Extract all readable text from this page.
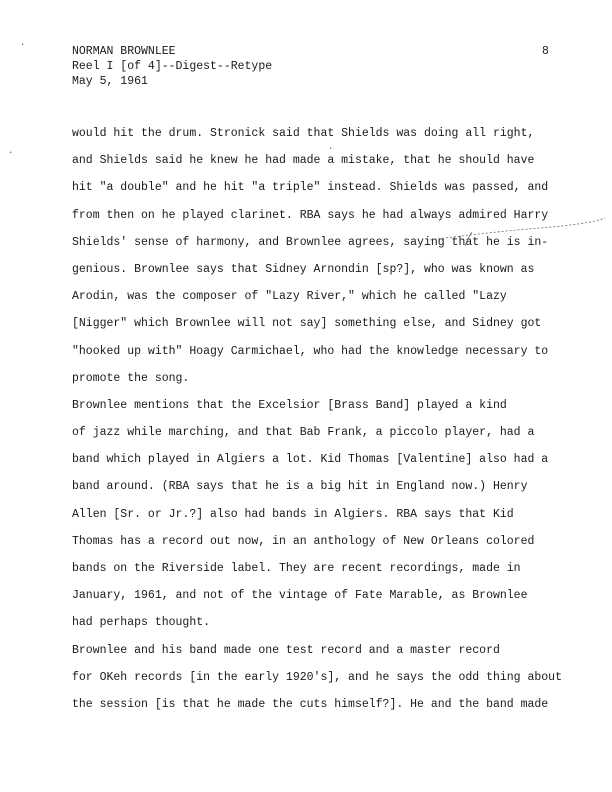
NORMAN BROWNLEE
Reel I [of 4]--Digest--Retype
May 5, 1961
8
would hit the drum. Stronick said that Shields was doing all right,
and Shields said he knew he had made a mistake, that he should have
hit "a double" and he hit "a triple" instead. Shields was passed, and
from then on he played clarinet. RBA says he had always admired Harry
Shields' sense of harmony, and Brownlee agrees, saying that he is in-
genious. Brownlee says that Sidney Arnondin [sp?], who was known as
Arodin, was the composer of "Lazy River," which he called "Lazy
[Nigger" which Brownlee will not say] something else, and Sidney got
"hooked up with" Hoagy Carmichael, who had the knowledge necessary to
promote the song.
Brownlee mentions that the Excelsior [Brass Band] played a kind
of jazz while marching, and that Bab Frank, a piccolo player, had a
band which played in Algiers a lot. Kid Thomas [Valentine] also had a
band around. (RBA says that he is a big hit in England now.) Henry
Allen [Sr. or Jr.?] also had bands in Algiers. RBA says that Kid
Thomas has a record out now, in an anthology of New Orleans colored
bands on the Riverside label. They are recent recordings, made in
January, 1961, and not of the vintage of Fate Marable, as Brownlee
had perhaps thought.
Brownlee and his band made one test record and a master record
for OKeh records [in the early 1920's], and he says the odd thing about
the session [is that he made the cuts himself?]. He and the band made
·
·
·
